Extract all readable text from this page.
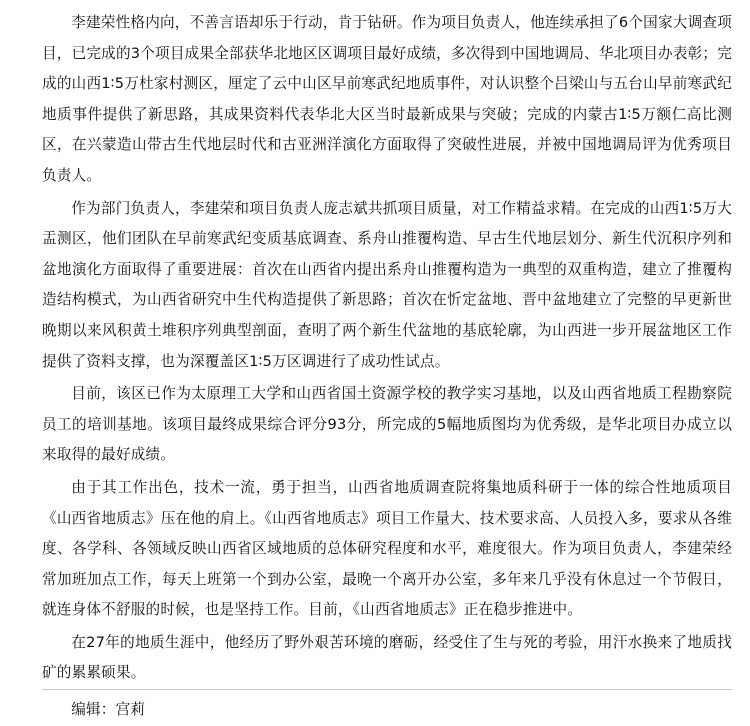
李建荣性格内向，不善言语却乐于行动，肯于钻研。作为项目负责人，他连续承担了6个国家大调查项目，已完成的3个项目成果全部获华北地区区调项目最好成绩，多次得到中国地调局、华北项目办表彰；完成的山西1∶5万杜家村测区，厘定了云中山区早前寒武纪地质事件，对认识整个吕梁山与五台山早前寒武纪地质事件提供了新思路，其成果资料代表华北大区当时最新成果与突破；完成的内蒙古1∶5万额仁高比测区，在兴蒙造山带古生代地层时代和古亚洲洋演化方面取得了突破性进展，并被中国地调局评为优秀项目负责人。

作为部门负责人，李建荣和项目负责人庞志斌共抓项目质量，对工作精益求精。在完成的山西1∶5万大盂测区，他们团队在早前寒武纪变质基底调查、系舟山推覆构造、早古生代地层划分、新生代沉积序列和盆地演化方面取得了重要进展：首次在山西省内提出系舟山推覆构造为一典型的双重构造，建立了推覆构造结构模式，为山西省研究中生代构造提供了新思路；首次在忻定盆地、晋中盆地建立了完整的早更新世晚期以来风积黄土堆积序列典型剖面，查明了两个新生代盆地的基底轮廓，为山西进一步开展盆地区工作提供了资料支撑，也为深覆盖区1∶5万区调进行了成功性试点。

目前，该区已作为太原理工大学和山西省国土资源学校的教学实习基地，以及山西省地质工程勘察院员工的培训基地。该项目最终成果综合评分93分，所完成的5幅地质图均为优秀级，是华北项目办成立以来取得的最好成绩。

由于其工作出色，技术一流，勇于担当，山西省地质调查院将集地质科研于一体的综合性地质项目《山西省地质志》压在他的肩上。《山西省地质志》项目工作量大、技术要求高、人员投入多，要求从各维度、各学科、各领域反映山西省区域地质的总体研究程度和水平，难度很大。作为项目负责人，李建荣经常加班加点工作，每天上班第一个到办公室，最晚一个离开办公室，多年来几乎没有休息过一个节假日，就连身体不舒服的时候，也是坚持工作。目前，《山西省地质志》正在稳步推进中。

在27年的地质生涯中，他经历了野外艰苦环境的磨砺，经受住了生与死的考验，用汗水换来了地质找矿的累累硕果。

编辑：宫莉
